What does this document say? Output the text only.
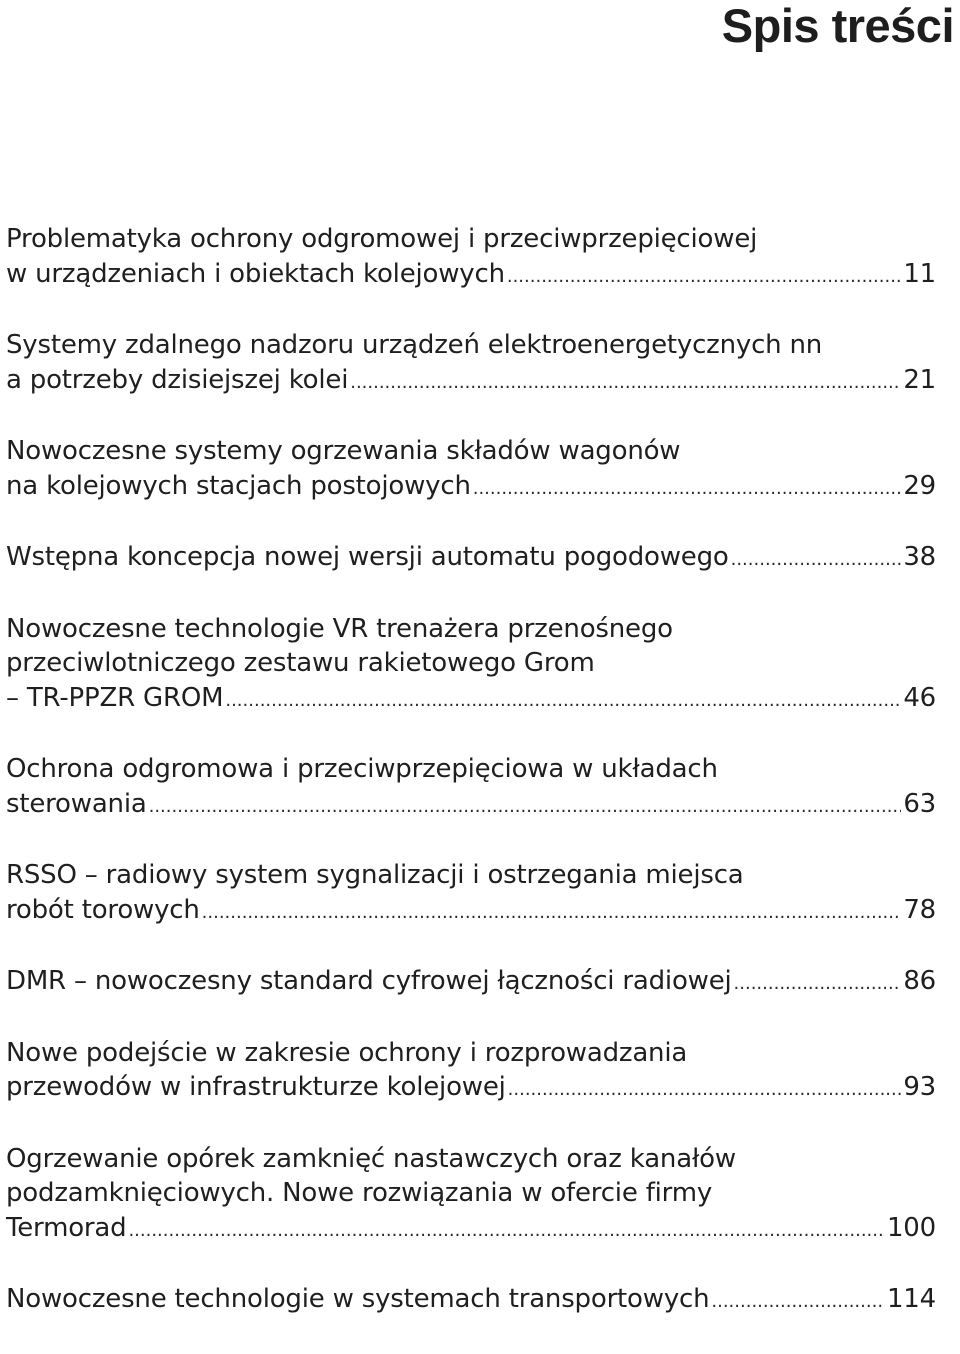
Spis treści
Problematyka ochrony odgromowej i przeciwprzepięciowej
w urządzeniach i obiektach kolejowych .....	11
Systemy zdalnego nadzoru urządzeń elektroenergetycznych nn
a potrzeby dzisiejszej kolei .....	21
Nowoczesne systemy ogrzewania składów wagonów
na kolejowych stacjach postojowych .....	29
Wstępna koncepcja nowej wersji automatu pogodowego .....	38
Nowoczesne technologie VR trenażera przenośnego
przeciwlotniczego zestawu rakietowego Grom
– TR-PPZR GROM .....	46
Ochrona odgromowa i przeciwprzepięciowa w układach
sterowania .....	63
RSSO – radiowy system sygnalizacji i ostrzegania miejsca
robót torowych .....	78
DMR – nowoczesny standard cyfrowej łączności radiowej .....	86
Nowe podejście w zakresie ochrony i rozprowadzania
przewodów w infrastrukturze kolejowej .....	93
Ogrzewanie opórek zamknięć nastawczych oraz kanałów
podzamknięciowych. Nowe rozwiązania w ofercie firmy
Termorad .....	100
Nowoczesne technologie w systemach transportowych .....	114
